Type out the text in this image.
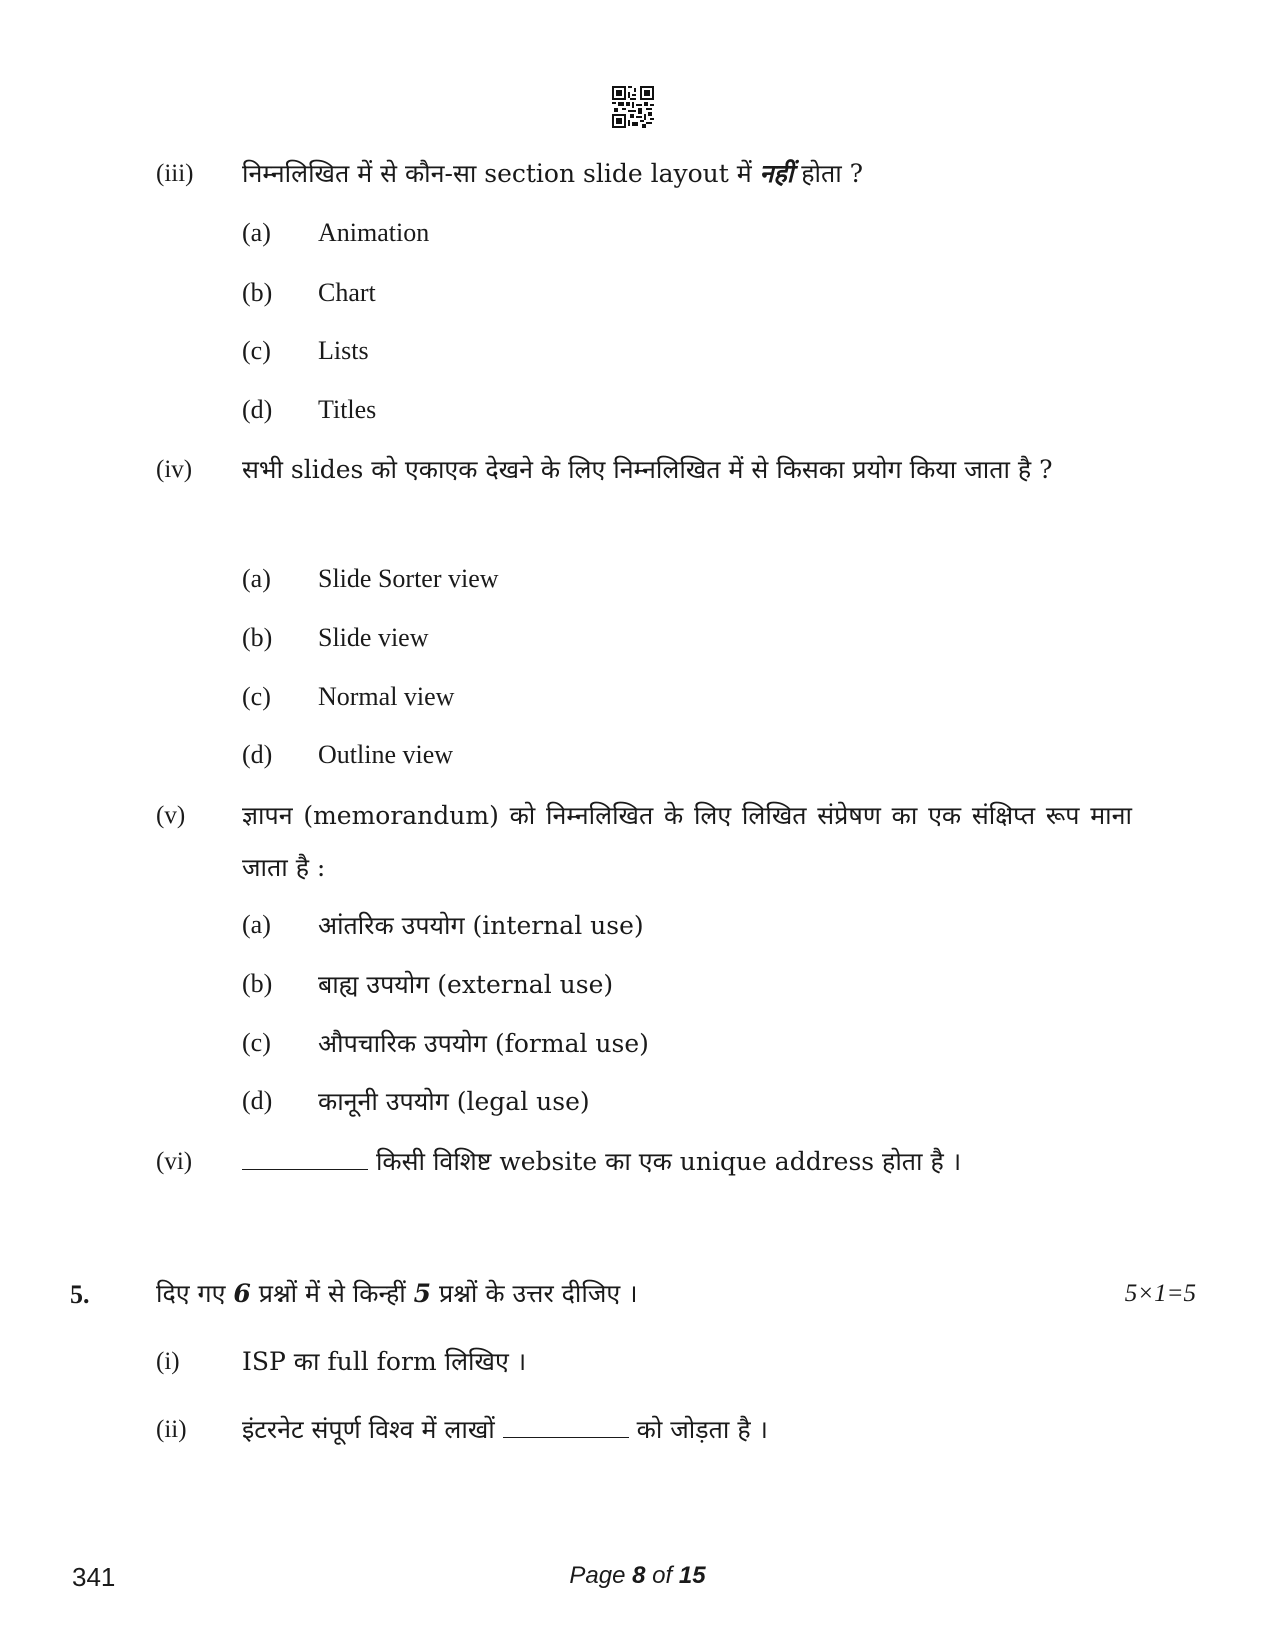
(iii) निम्नलिखित में से कौन-सा section slide layout में नहीं होता ?
(a) Animation
(b) Chart
(c) Lists
(d) Titles
(iv) सभी slides को एकाएक देखने के लिए निम्नलिखित में से किसका प्रयोग किया जाता है ?
(a) Slide Sorter view
(b) Slide view
(c) Normal view
(d) Outline view
(v) ज्ञापन (memorandum) को निम्नलिखित के लिए लिखित संप्रेषण का एक संक्षिप्त रूप माना जाता है :
(a) आंतरिक उपयोग (internal use)
(b) बाह्य उपयोग (external use)
(c) औपचारिक उपयोग (formal use)
(d) कानूनी उपयोग (legal use)
(vi)	किसी विशिष्ट website का एक unique address होता है ।
5.	दिए गए 6 प्रश्नों में से किन्हीं 5 प्रश्नों के उत्तर दीजिए ।	5×1=5
(i) ISP का full form लिखिए ।
(ii) इंटरनेट संपूर्ण विश्व में लाखों	को जोड़ता है ।
341	Page 8 of 15
